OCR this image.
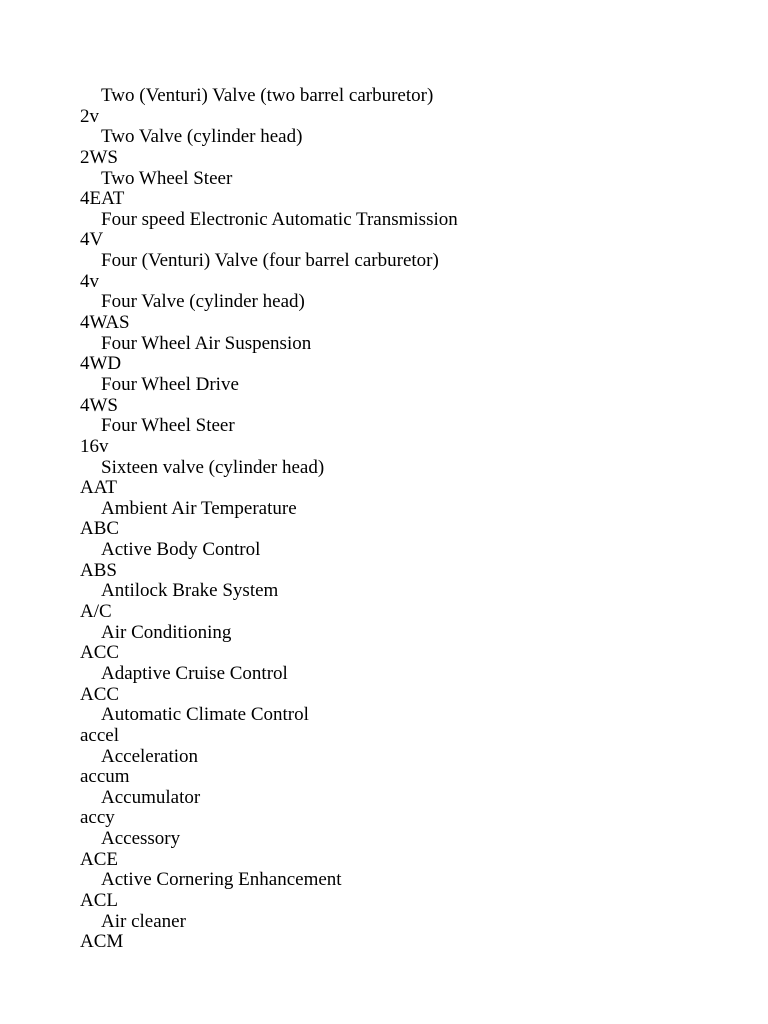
Two (Venturi) Valve (two barrel carburetor)
2v
Two Valve (cylinder head)
2WS
Two Wheel Steer
4EAT
Four speed Electronic Automatic Transmission
4V
Four (Venturi) Valve (four barrel carburetor)
4v
Four Valve (cylinder head)
4WAS
Four Wheel Air Suspension
4WD
Four Wheel Drive
4WS
Four Wheel Steer
16v
Sixteen valve (cylinder head)
AAT
Ambient Air Temperature
ABC
Active Body Control
ABS
Antilock Brake System
A/C
Air Conditioning
ACC
Adaptive Cruise Control
ACC
Automatic Climate Control
accel
Acceleration
accum
Accumulator
accy
Accessory
ACE
Active Cornering Enhancement
ACL
Air cleaner
ACM
